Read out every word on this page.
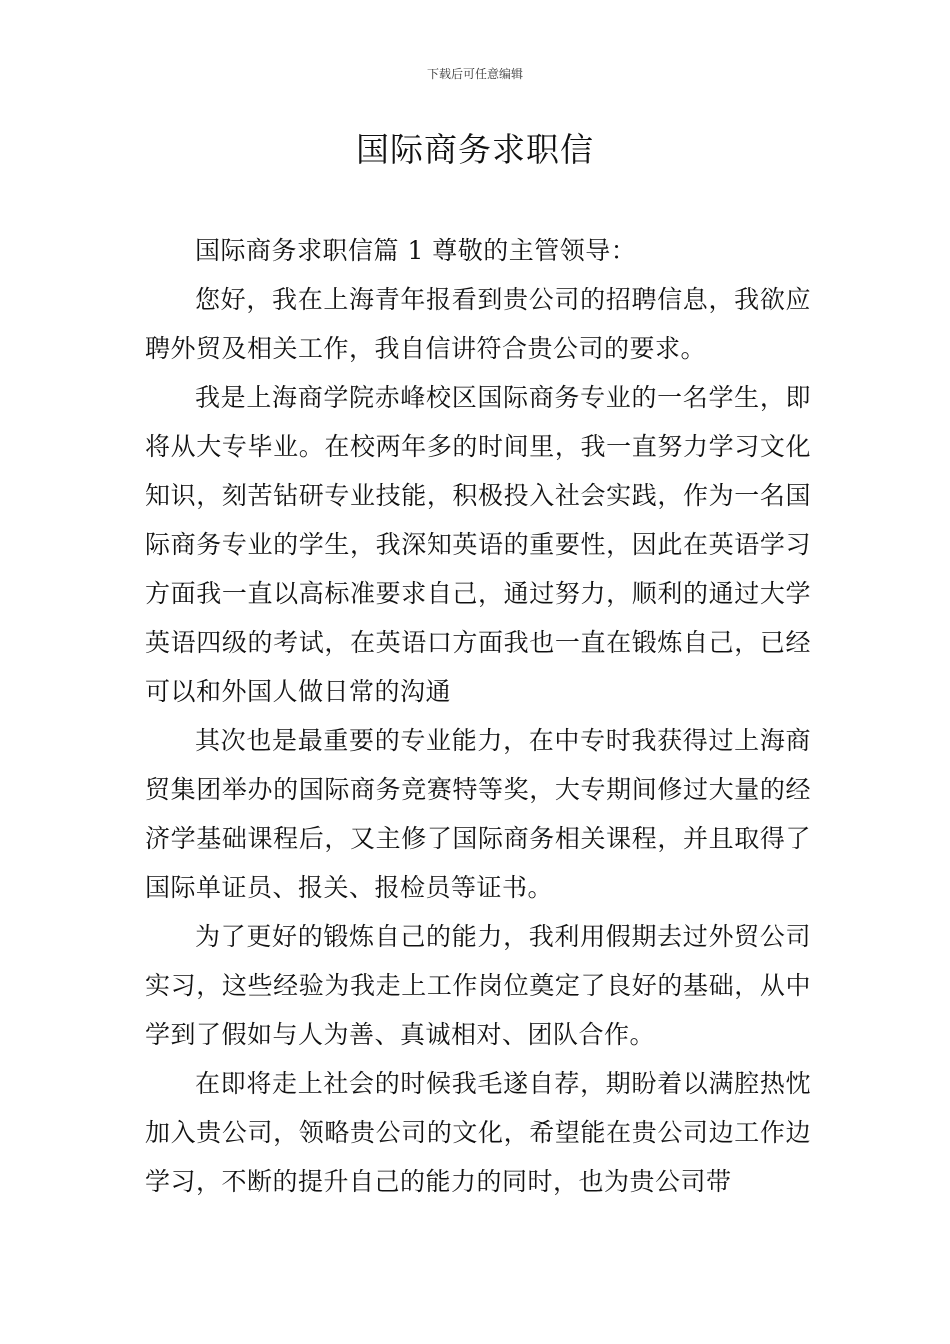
下载后可任意编辑
国际商务求职信

国际商务求职信篇 1 尊敬的主管领导：

您好，我在上海青年报看到贵公司的招聘信息，我欲应聘外贸及相关工作，我自信讲符合贵公司的要求。

我是上海商学院赤峰校区国际商务专业的一名学生，即将从大专毕业。在校两年多的时间里，我一直努力学习文化知识，刻苦钻研专业技能，积极投入社会实践，作为一名国际商务专业的学生，我深知英语的重要性，因此在英语学习方面我一直以高标准要求自己，通过努力，顺利的通过大学英语四级的考试，在英语口方面我也一直在锻炼自己，已经可以和外国人做日常的沟通

其次也是最重要的专业能力，在中专时我获得过上海商贸集团举办的国际商务竞赛特等奖，大专期间修过大量的经济学基础课程后，又主修了国际商务相关课程，并且取得了国际单证员、报关、报检员等证书。

为了更好的锻炼自己的能力，我利用假期去过外贸公司实习，这些经验为我走上工作岗位奠定了良好的基础，从中学到了假如与人为善、真诚相对、团队合作。

在即将走上社会的时候我毛遂自荐，期盼着以满腔热忱加入贵公司，领略贵公司的文化，希望能在贵公司边工作边学习，不断的提升自己的能力的同时，也为贵公司带
